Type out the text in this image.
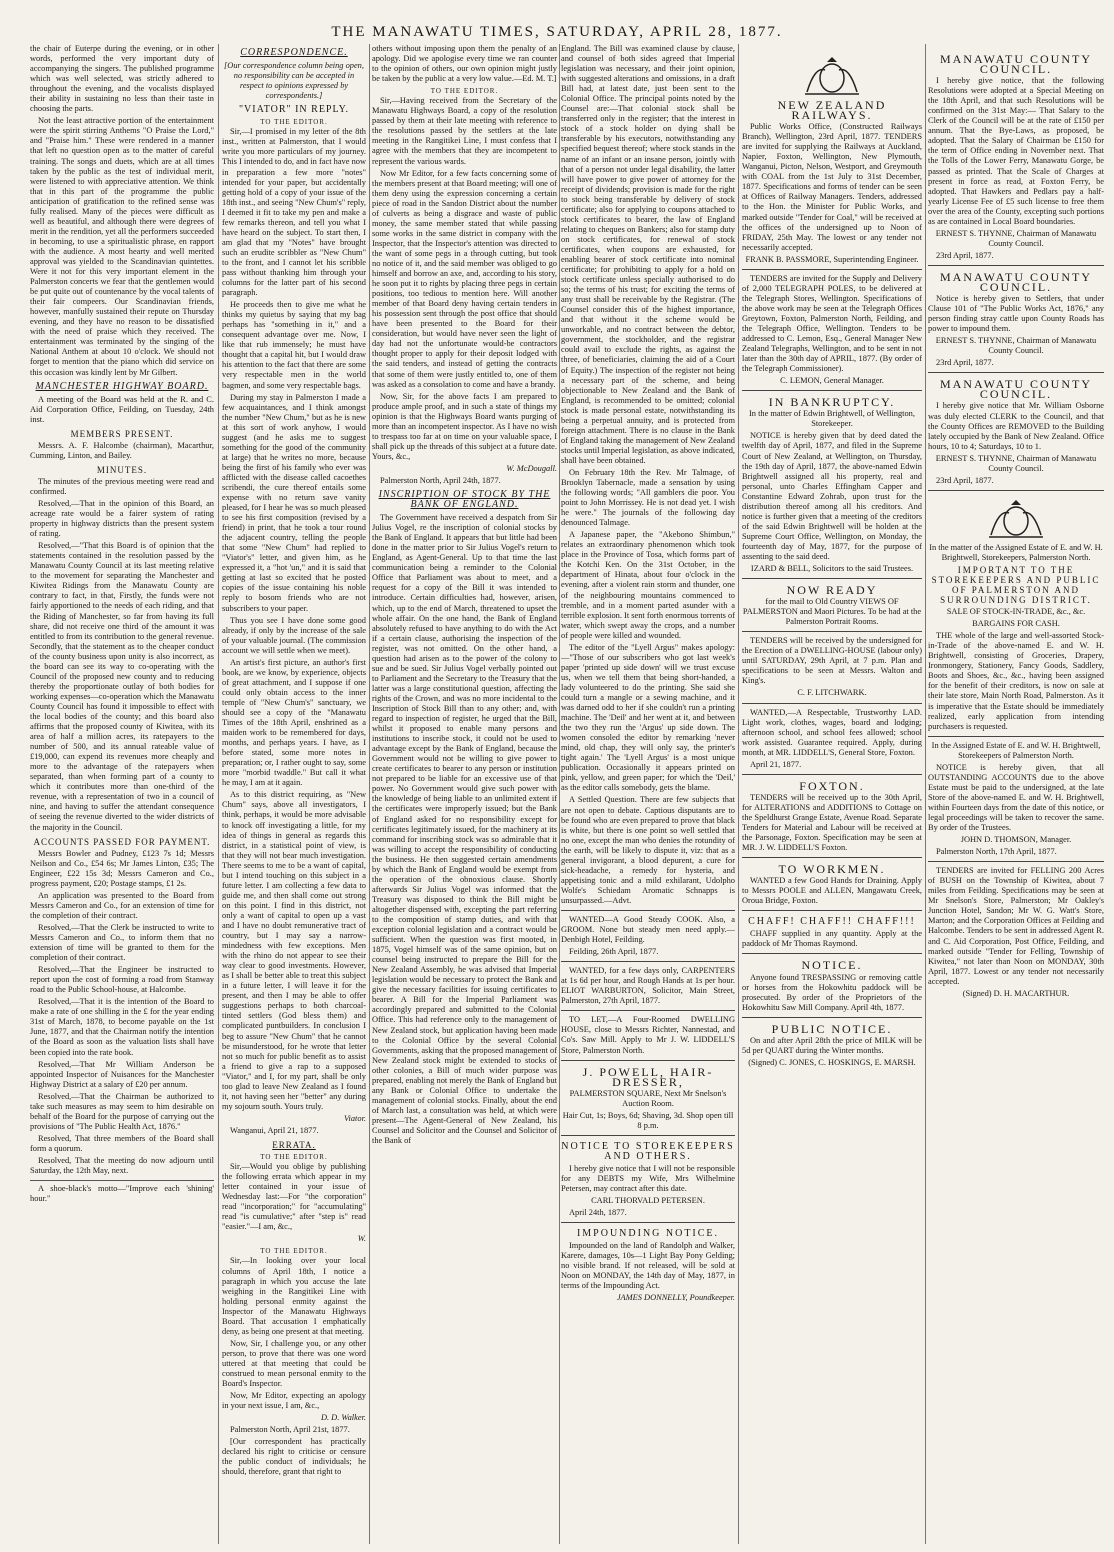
THE MANAWATU TIMES, SATURDAY, APRIL 28, 1877.

the chair of Euterpe during the evening, or in other words, performed the very important duty of accompanying the singers. The published programme which was well selected, was strictly adhered to throughout the evening, and the vocalists displayed their ability in sustaining no less than their taste in choosing the parts.

Not the least attractive portion of the entertainment were the spirit stirring Anthems "O Praise the Lord," and "Praise him." These were rendered in a manner that left no question open as to the matter of careful training. The songs and duets, which are at all times taken by the public as the test of individual merit, were listened to with appreciative attention. We think that in this part of the programme the public anticipation of gratification to the refined sense was fully realised. Many of the pieces were difficult as well as beautiful, and although there were degrees of merit in the rendition, yet all the performers succeeded in becoming, to use a spiritualistic phrase, en rapport with the audience. A most hearty and well merited approval was yielded to the Scandinavian quintettes. Were it not for this very important element in the Palmerston concerts we fear that the gentlemen would be put quite out of countenance by the vocal talents of their fair compeers. Our Scandinavian friends, however, manfully sustained their repute on Thursday evening, and they have no reason to be dissatisfied with the need of praise which they received. The entertainment was terminated by the singing of the National Anthem at about 10 o'clock. We should not forget to mention that the piano which did service on this occasion was kindly lent by Mr Gilbert.

MANCHESTER HIGHWAY BOARD.

A meeting of the Board was held at the R. and C. Aid Corporation Office, Feilding, on Tuesday, 24th inst.

MEMBERS PRESENT.

Messrs. A. F. Halcombe (chairman), Macarthur, Cumming, Linton, and Bailey.

MINUTES.

The minutes of the previous meeting were read and confirmed.

Resolved,—That in the opinion of this Board, an acreage rate would be a fairer system of rating property in highway districts than the present system of rating.

Resolved,—"That this Board is of opinion that the statements contained in the resolution passed by the Manawatu County Council at its last meeting relative to the movement for separating the Manchester and Kiwitea Ridings from the Manawatu County are contrary to fact, in that, Firstly, the funds were not fairly apportioned to the needs of each riding, and that the Riding of Manchester, so far from having its full share, did not receive one third of the amount it was entitled to from its contribution to the general revenue. Secondly, that the statement as to the cheaper conduct of the county business upon unity is also incorrect, as the board can see its way to co-operating with the Council of the proposed new county and to reducing thereby the proportionate outlay of both bodies for working expenses—co-operation which the Manawatu County Council has found it impossible to effect with the local bodies of the county; and this board also affirms that the proposed county of Kiwitea, with its area of half a million acres, its ratepayers to the number of 500, and its annual rateable value of £19,000, can expend its revenues more cheaply and more to the advantage of the ratepayers when separated, than when forming part of a county to which it contributes more than one-third of the revenue, with a representation of two in a council of nine, and having to suffer the attendant consequence of seeing the revenue diverted to the wider districts of the majority in the Council.

ACCOUNTS PASSED FOR PAYMENT.

Messrs Bowler and Pudney, £123 7s 1d; Messrs Neilson and Co., £54 6s; Mr James Linton, £35; The Engineer, £22 15s 3d; Messrs Cameron and Co., progress payment, £20; Postage stamps, £1 2s.

An application was presented to the Board from Messrs Cameron and Co., for an extension of time for the completion of their contract.

Resolved,—That the Clerk be instructed to write to Messrs Cameron and Co., to inform them that no extension of time will be granted to them for the completion of their contract.

Resolved,—That the Engineer be instructed to report upon the cost of forming a road from Stanway road to the Public School-house, at Halcombe.

Resolved,—That it is the intention of the Board to make a rate of one shilling in the £ for the year ending 31st of March, 1878, to become payable on the 1st June, 1877, and that the Chairman notify the intention of the Board as soon as the valuation lists shall have been copied into the rate book.

Resolved,—That Mr William Anderson be appointed Inspector of Nuisances for the Manchester Highway District at a salary of £20 per annum.

Resolved,—That the Chairman be authorized to take such measures as may seem to him desirable on behalf of the Board for the purpose of carrying out the provisions of "The Public Health Act, 1876."

Resolved, That three members of the Board shall form a quorum.

Resolved, That the meeting do now adjourn until Saturday, the 12th May, next.

A shoe-black's motto—"Improve each 'shining' hour."

CORRESPONDENCE.

[Our correspondence column being open, no responsibility can be accepted in respect to opinions expressed by correspondents.]

"VIATOR" IN REPLY.
TO THE EDITOR.

Sir,—I promised in my letter of the 8th inst., written at Palmerston, that I would write you more particulars of my journey. This I intended to do, and in fact have now in preparation a few more "notes" intended for your paper, but accidentally getting hold of a copy of your issue of the 18th inst., and seeing "New Chum's" reply, I deemed it fit to take my pen and make a few remarks thereon, and tell you what I have heard on the subject. To start then, I am glad that my "Notes" have brought such an erudite scribbler as "New Chum" to the front, and I cannot let his scribble pass without thanking him through your columns for the latter part of his second paragraph.

He proceeds then to give me what he thinks my quietus by saying that my bag perhaps has "something in it," and a consequent advantage over me. Now, I like that rub immensely; he must have thought that a capital hit, but I would draw his attention to the fact that there are some very respectable men in the world bagmen, and some very respectable bags.

During my stay in Palmerston I made a few acquaintances, and I think amongst the number "New Chum," but as he is new at this sort of work anyhow, I would suggest (and he asks me to suggest something for the good of the community at large) that he writes no more, because being the first of his family who ever was afflicted with the disease called cacoethes scribendi, the cure thereof entails some expense with no return save vanity pleased, for I hear he was so much pleased to see his first composition (revised by a friend) in print, that he took a tour round the adjacent country, telling the people that some "New Chum" had replied to "Viator's" letter, and given him, as he expressed it, a "hot 'un," and it is said that getting at last so excited that he posted copies of the issue containing his noble reply to bosom friends who are not subscribers to your paper.

Thus you see I have done some good already, if only by the increase of the sale of your valuable journal. (The commission account we will settle when we meet).

An artist's first picture, an author's first book, are we know, by experience, objects of great attachment, and I suppose if one could only obtain access to the inner temple of "New Chum's" sanctuary, we should see a copy of the "Manawatu Times of the 18th April, enshrined as a maiden work to be remembered for days, months, and perhaps years. I have, as I before stated, some more notes in preparation; or, I rather ought to say, some more "morbid twaddle." But call it what he may, I am at it again.

As to this district requiring, as "New Chum" says, above all investigators, I think, perhaps, it would be more advisable to knock off investigating a little, for my idea of things in general as regards this district, in a statistical point of view, is that they will not bear much investigation. There seems to me to be a want of capital, but I intend touching on this subject in a future letter. I am collecting a few data to guide me, and then shall come out strong on this point. I find in this district, not only a want of capital to open up a vast and I have no doubt remunerative tract of country, but I may say a narrow-mindedness with few exceptions. Men with the rhino do not appear to see their way clear to good investments. However, as I shall be better able to treat this subject in a future letter, I will leave it for the present, and then I may be able to offer suggestions perhaps to both charcoal-tinted settlers (God bless them) and complicated puntbuilders. In conclusion I beg to assure "New Chum" that he cannot be misunderstood, for he wrote that letter not so much for public benefit as to assist a friend to give a rap to a supposed "Viator," and I, for my part, shall be only too glad to leave New Zealand as I found it, not having seen her "better" any during my sojourn south. Yours truly.

Viator.

Wanganui, April 21, 1877.

ERRATA.
TO THE EDITOR.

Sir,—Would you oblige by publishing the following errata which appear in my letter contained in your issue of Wednesday last:—For "the corporation" read "incorporation;" for "accumulating" read "is cumulative;" after "step is" read "easier."—I am, &c.,

W.

TO THE EDITOR.

Sir,—In looking over your local columns of April 18th, I notice a paragraph in which you accuse the late weighing in the Rangitikei Line with holding personal enmity against the Inspector of the Manawatu Highways Board. That accusation I emphatically deny, as being one present at that meeting.

Now, Sir, I challenge you, or any other person, to prove that there was one word uttered at that meeting that could be construed to mean personal enmity to the Board's Inspector.

Now, Mr Editor, expecting an apology in your next issue, I am, &c.,

D. D. Walker.

Palmerston North, April 21st, 1877.

[Our correspondent has practically declared his right to criticise or censure the public conduct of individuals; he should, therefore, grant that right to

others without imposing upon them the penalty of an apology. Did we apologise every time we ran counter to the opinion of others, our own opinion might justly be taken by the public at a very low value.—Ed. M. T.]

TO THE EDITOR.

Sir,—Having received from the Secretary of the Manawatu Highways Board, a copy of the resolution passed by them at their late meeting with reference to the resolutions passed by the settlers at the late meeting in the Rangitikei Line, I must confess that I agree with the members that they are incompetent to represent the various wards.

Now Mr Editor, for a few facts concerning some of the members present at that Board meeting; will one of them deny using the expression concerning a certain piece of road in the Sandon District about the number of culverts as being a disgrace and waste of public money, the same member stated that while passing some works in the same district in company with the Inspector, that the Inspector's attention was directed to the want of some pegs in a through cutting, but took no notice of it, and the said member was obliged to go himself and borrow an axe, and, according to his story, he soon put it to rights by placing three pegs in certain positions, too tedious to mention here. Will another member of that Board deny having certain tenders in his possession sent through the post office that should have been presented to the Board for their consideration, but would have never seen the light of day had not the unfortunate would-be contractors thought proper to apply for their deposit lodged with the said tenders, and instead of getting the contracts that some of them were justly entitled to, one of them was asked as a consolation to come and have a brandy.

Now, Sir, for the above facts I am prepared to produce ample proof, and in such a state of things my opinion is that the Highways Board wants purging of more than an incompetent inspector. As I have no wish to trespass too far at on time on your valuable space, I shall pick up the threads of this subject at a future date. Yours, &c.,

W. McDougall.

Palmerston North, April 24th, 1877.

INSCRIPTION OF STOCK BY THE BANK OF ENGLAND.

The Government have received a despatch from Sir Julius Vogel, re the inscription of colonial stocks by the Bank of England. It appears that but little had been done in the matter prior to Sir Julius Vogel's return to England, as Agent-General. Up to that time the last communication being a reminder to the Colonial Office that Parliament was about to meet, and a request for a copy of the Bill it was intended to introduce. Certain difficulties had, however, arisen, which, up to the end of March, threatened to upset the whole affair. On the one hand, the Bank of England absolutely refused to have anything to do with the Act if a certain clause, authorising the inspection of the register, was not omitted. On the other hand, a question had arisen as to the power of the colony to sue and be sued. Sir Julius Vogel verbally pointed out to Parliament and the Secretary to the Treasury that the latter was a large constitutional question, affecting the rights of the Crown, and was no more incidental to the Inscription of Stock Bill than to any other; and, with regard to inspection of register, he urged that the Bill, whilst it proposed to enable many persons and institutions to inscribe stock, it could not be used to advantage except by the Bank of England, because the Government would not be willing to give power to create certificates to bearer to any person or institution not prepared to be liable for an excessive use of that power. No Government would give such power with the knowledge of being liable to an unlimited extent if the certificates were improperly issued; but the Bank of England asked for no responsibility except for certificates legitimately issued, for the machinery at its command for inscribing stock was so admirable that it was willing to accept the responsibility of conducting the business. He then suggested certain amendments by which the Bank of England would be exempt from the operation of the obnoxious clause. Shortly afterwards Sir Julius Vogel was informed that the Treasury was disposed to think the Bill might be altogether dispensed with, excepting the part referring to the composition of stamp duties, and with that exception colonial legislation and a contract would be sufficient. When the question was first mooted, in 1875, Vogel himself was of the same opinion, but on counsel being instructed to prepare the Bill for the New Zealand Assembly, he was advised that Imperial legislation would be necessary to protect the Bank and give the necessary facilities for issuing certificates to bearer. A Bill for the Imperial Parliament was accordingly prepared and submitted to the Colonial Office. This had reference only to the management of New Zealand stock, but application having been made to the Colonial Office by the several Colonial Governments, asking that the proposed management of New Zealand stock might be extended to stocks of other colonies, a Bill of much wider purpose was prepared, enabling not merely the Bank of England but any Bank or Colonial Office to undertake the management of colonial stocks. Finally, about the end of March last, a consultation was held, at which were present—The Agent-General of New Zealand, his Counsel and Solicitor and the Counsel and Solicitor of the Bank of

England. The Bill was examined clause by clause, and counsel of both sides agreed that Imperial legislation was necessary, and their joint opinion, with suggested alterations and omissions, in a draft Bill had, at latest date, just been sent to the Colonial Office. The principal points noted by the Counsel are:—That colonial stock shall be transferred only in the register; that the interest in stock of a stock holder on dying shall be transferable by his executors, notwithstanding any specified bequest thereof; where stock stands in the name of an infant or an insane person, jointly with that of a person not under legal disability, the latter will have power to give power of attorney for the receipt of dividends; provision is made for the right to stock being transferable by delivery of stock certificate; also for applying to coupons attached to stock certificates to bearer, the law of England relating to cheques on Bankers; also for stamp duty on stock certificates, for renewal of stock certificates, when coupons are exhausted, for enabling bearer of stock certificate into nominal certificate; for prohibiting to apply for a hold on stock certificate unless specially authorised to do so; the terms of his trust; for exciting the terms of any trust shall be receivable by the Registrar. (The Counsel consider this of the highest importance, and that without it the scheme would be unworkable, and no contract between the debtor, government, the stockholder, and the registrar could avail to exclude the rights, as against the three, of beneficiaries, claiming the aid of a Court of Equity.) The inspection of the register not being a necessary part of the scheme, and being objectionable to New Zealand and the Bank of England, is recommended to be omitted; colonial stock is made personal estate, notwithstanding its being a perpetual annuity, and is protected from foreign attachment. There is no clause in the Bank of England taking the management of New Zealand stocks until Imperial legislation, as above indicated, shall have been obtained.

On February 18th the Rev. Mr Talmage, of Brooklyn Tabernacle, made a sensation by using the following words; "All gamblers die poor. You point to John Morrissey. He is not dead yet. I wish he were." The journals of the following day denounced Talmage.

A Japanese paper, the "Akebono Shimbun," relates an extraordinary phenomenon which took place in the Province of Tosa, which forms part of the Kotchi Ken. On the 31st October, in the department of Hinata, about four o'clock in the evening, after a violent rain storm and thunder, one of the neighbouring mountains commenced to tremble, and in a moment parted asunder with a terrible explosion. It sent forth enormous torrents of water, which swept away the crops, and a number of people were killed and wounded.

The editor of the "Lyell Argus" makes apology:—"Those of our subscribers who got last week's paper 'printed up side down' will we trust excuse us, when we tell them that being short-handed, a lady volunteered to do the printing. She said she could turn a mangle or a sewing machine, and it was darned odd to her if she couldn't run a printing machine. The 'Deil' and her went at it, and between the two they run the 'Argus' up side down. The women consoled the editor by remarking 'never mind, old chap, they will only say, the printer's tight again.' The 'Lyell Argus' is a most unique publication. Occasionally it appears printed on pink, yellow, and green paper; for which the 'Deil,' as the editor calls somebody, gets the blame.

A Settled Question. There are few subjects that are not open to debate. Captious disputants are to be found who are even prepared to prove that black is white, but there is one point so well settled that no one, except the man who denies the rotundity of the earth, will be likely to dispute it, viz: that as a general invigorant, a blood depurent, a cure for sick-headache, a remedy for hysteria, and appetising tonic and a mild exhilarant, Udolpho Wolfe's Schiedam Aromatic Schnapps is unsurpassed.—Advt.

WANTED—A Good Steady COOK. Also, a GROOM. None but steady men need apply.—Denbigh Hotel, Feilding.

Feilding, 26th April, 1877.

WANTED, for a few days only, CARPENTERS at 1s 6d per hour, and Rough Hands at 1s per hour. ELIOT WARBURTON, Solicitor, Main Street, Palmerston, 27th April, 1877.

TO LET,—A Four-Roomed DWELLING HOUSE, close to Messrs Richter, Nannestad, and Co's. Saw Mill. Apply to Mr J. W. LIDDELL'S Store, Palmerston North.

J. POWELL, HAIR-DRESSER,

PALMERSTON SQUARE, Next Mr Snelson's Auction Room.

Hair Cut, 1s; Boys, 6d; Shaving, 3d. Shop open till 8 p.m.

NOTICE TO STOREKEEPERS AND OTHERS.

I hereby give notice that I will not be responsible for any DEBTS my Wife, Mrs Wilhelmine Petersen, may contract after this date.

CARL THORVALD PETERSEN.

April 24th, 1877.

IMPOUNDING NOTICE.

Impounded on the land of Randolph and Walker, Karere, damages, 10s—1 Light Bay Pony Gelding; no visible brand. If not released, will be sold at Noon on MONDAY, the 14th day of May, 1877, in terms of the Impounding Act.

JAMES DONNELLY, Poundkeeper.

NEW ZEALAND RAILWAYS.

Public Works Office, (Constructed Railways Branch), Wellington, 23rd April, 1877. TENDERS are invited for supplying the Railways at Auckland, Napier, Foxton, Wellington, New Plymouth, Wanganui, Picton, Nelson, Westport, and Greymouth with COAL from the 1st July to 31st December, 1877. Specifications and forms of tender can be seen at Offices of Railway Managers. Tenders, addressed to the Hon. the Minister for Public Works, and marked outside "Tender for Coal," will be received at the offices of the undersigned up to Noon of FRIDAY, 25th May. The lowest or any tender not necessarily accepted.

FRANK B. PASSMORE, Superintending Engineer.

TENDERS are invited for the Supply and Delivery of 2,000 TELEGRAPH POLES, to be delivered at the Telegraph Stores, Wellington. Specifications of the above work may be seen at the Telegraph Offices Greytown, Foxton, Palmerston North, Feilding, and the Telegraph Office, Wellington. Tenders to be addressed to C. Lemon, Esq., General Manager New Zealand Telegraphs, Wellington, and to be sent in not later than the 30th day of APRIL, 1877. (By order of the Telegraph Commissioner).

C. LEMON, General Manager.

IN BANKRUPTCY.

In the matter of Edwin Brightwell, of Wellington, Storekeeper.

NOTICE is hereby given that by deed dated the twelfth day of April, 1877, and filed in the Supreme Court of New Zealand, at Wellington, on Thursday, the 19th day of April, 1877, the above-named Edwin Brightwell assigned all his property, real and personal, unto Charles Effingham Capper and Constantine Edward Zohrab, upon trust for the distribution thereof among all his creditors. And notice is further given that a meeting of the creditors of the said Edwin Brightwell will be holden at the Supreme Court Office, Wellington, on Monday, the fourteenth day of May, 1877, for the purpose of assenting to the said deed.

IZARD & BELL, Solicitors to the said Trustees.

NOW READY

for the mail to Old Country VIEWS OF PALMERSTON and Maori Pictures. To be had at the Palmerston Portrait Rooms.

TENDERS will be received by the undersigned for the Erection of a DWELLING-HOUSE (labour only) until SATURDAY, 29th April, at 7 p.m. Plan and specifications to be seen at Messrs. Walton and King's.

C. F. LITCHWARK.

WANTED,—A Respectable, Trustworthy LAD. Light work, clothes, wages, board and lodging; afternoon school, and school fees allowed; school work assisted. Guarantee required. Apply, during month, at MR. LIDDELL'S, General Store, Foxton.

April 21, 1877.

FOXTON.

TENDERS will be received up to the 30th April, for ALTERATIONS and ADDITIONS to Cottage on the Speldhurst Grange Estate, Avenue Road. Separate Tenders for Material and Labour will be received at the Parsonage, Foxton. Specification may be seen at MR. J. W. LIDDELL'S Foxton.

TO WORKMEN.

WANTED a few Good Hands for Draining. Apply to Messrs POOLE and ALLEN, Mangawatu Creek, Oroua Bridge, Foxton.

CHAFF! CHAFF!! CHAFF!!!

CHAFF supplied in any quantity. Apply at the paddock of Mr Thomas Raymond.

NOTICE.

Anyone found TRESPASSING or removing cattle or horses from the Hokowhitu paddock will be prosecuted. By order of the Proprietors of the Hokowhitu Saw Mill Company. April 4th, 1877.

PUBLIC NOTICE.

On and after April 28th the price of MILK will be 5d per QUART during the Winter months.

(Signed) C. JONES, C. HOSKINGS, E. MARSH.

MANAWATU COUNTY COUNCIL.

I hereby give notice, that the following Resolutions were adopted at a Special Meeting on the 18th April, and that such Resolutions will be confirmed on the 31st May:— That Salary to the Clerk of the Council will be at the rate of £150 per annum. That the Bye-Laws, as proposed, be adopted. That the Salary of Chairman be £150 for the term of Office ending in November next. That the Tolls of the Lower Ferry, Manawatu Gorge, be passed as printed. That the Scale of Charges at present in force as read, at Foxton Ferry, be adopted. That Hawkers and Pedlars pay a half-yearly License Fee of £5 such license to free them over the area of the County, excepting such portions as are contained in Local Board boundaries.

ERNEST S. THYNNE, Chairman of Manawatu County Council.

23rd April, 1877.

MANAWATU COUNTY COUNCIL.

Notice is hereby given to Settlers, that under Clause 101 of "The Public Works Act, 1876," any person finding stray cattle upon County Roads has power to impound them.

ERNEST S. THYNNE, Chairman of Manawatu County Council.

23rd April, 1877.

MANAWATU COUNTY COUNCIL.

I hereby give notice that Mr. William Osborne was duly elected CLERK to the Council, and that the County Offices are REMOVED to the Building lately occupied by the Bank of New Zealand. Office hours, 10 to 4; Saturdays, 10 to 1.

ERNEST S. THYNNE, Chairman of Manawatu County Council.

23rd April, 1877.

In the matter of the Assigned Estate of E. and W. H. Brightwell, Storekeepers, Palmerston North.

IMPORTANT TO THE STOREKEEPERS AND PUBLIC OF PALMERSTON AND SURROUNDING DISTRICT.

SALE OF STOCK-IN-TRADE, &c., &c.

BARGAINS FOR CASH.

THE whole of the large and well-assorted Stock-in-Trade of the above-named E. and W. H. Brightwell, consisting of Groceries, Drapery, Ironmongery, Stationery, Fancy Goods, Saddlery, Boots and Shoes, &c., &c., having been assigned for the benefit of their creditors, is now on sale at their late store, Main North Road, Palmerston. As it is imperative that the Estate should be immediately realized, early application from intending purchasers is requested.

In the Assigned Estate of E. and W. H. Brightwell, Storekeepers of Palmerston North.

NOTICE is hereby given, that all OUTSTANDING ACCOUNTS due to the above Estate must be paid to the undersigned, at the late Store of the above-named E. and W. H. Brightwell, within Fourteen days from the date of this notice, or legal proceedings will be taken to recover the same. By order of the Trustees.

JOHN D. THOMSON, Manager.

Palmerston North, 17th April, 1877.

TENDERS are invited for FELLING 200 Acres of BUSH on the Township of Kiwitea, about 7 miles from Feilding. Specifications may be seen at Mr Snelson's Store, Palmerston; Mr Oakley's Junction Hotel, Sandon; Mr W. G. Watt's Store, Marton; and the Corporation Offices at Feilding and Halcombe. Tenders to be sent in addressed Agent R. and C. Aid Corporation, Post Office, Feilding, and marked outside "Tender for Felling, Township of Kiwitea," not later than Noon on MONDAY, 30th April, 1877. Lowest or any tender not necessarily accepted.

(Signed) D. H. MACARTHUR.
